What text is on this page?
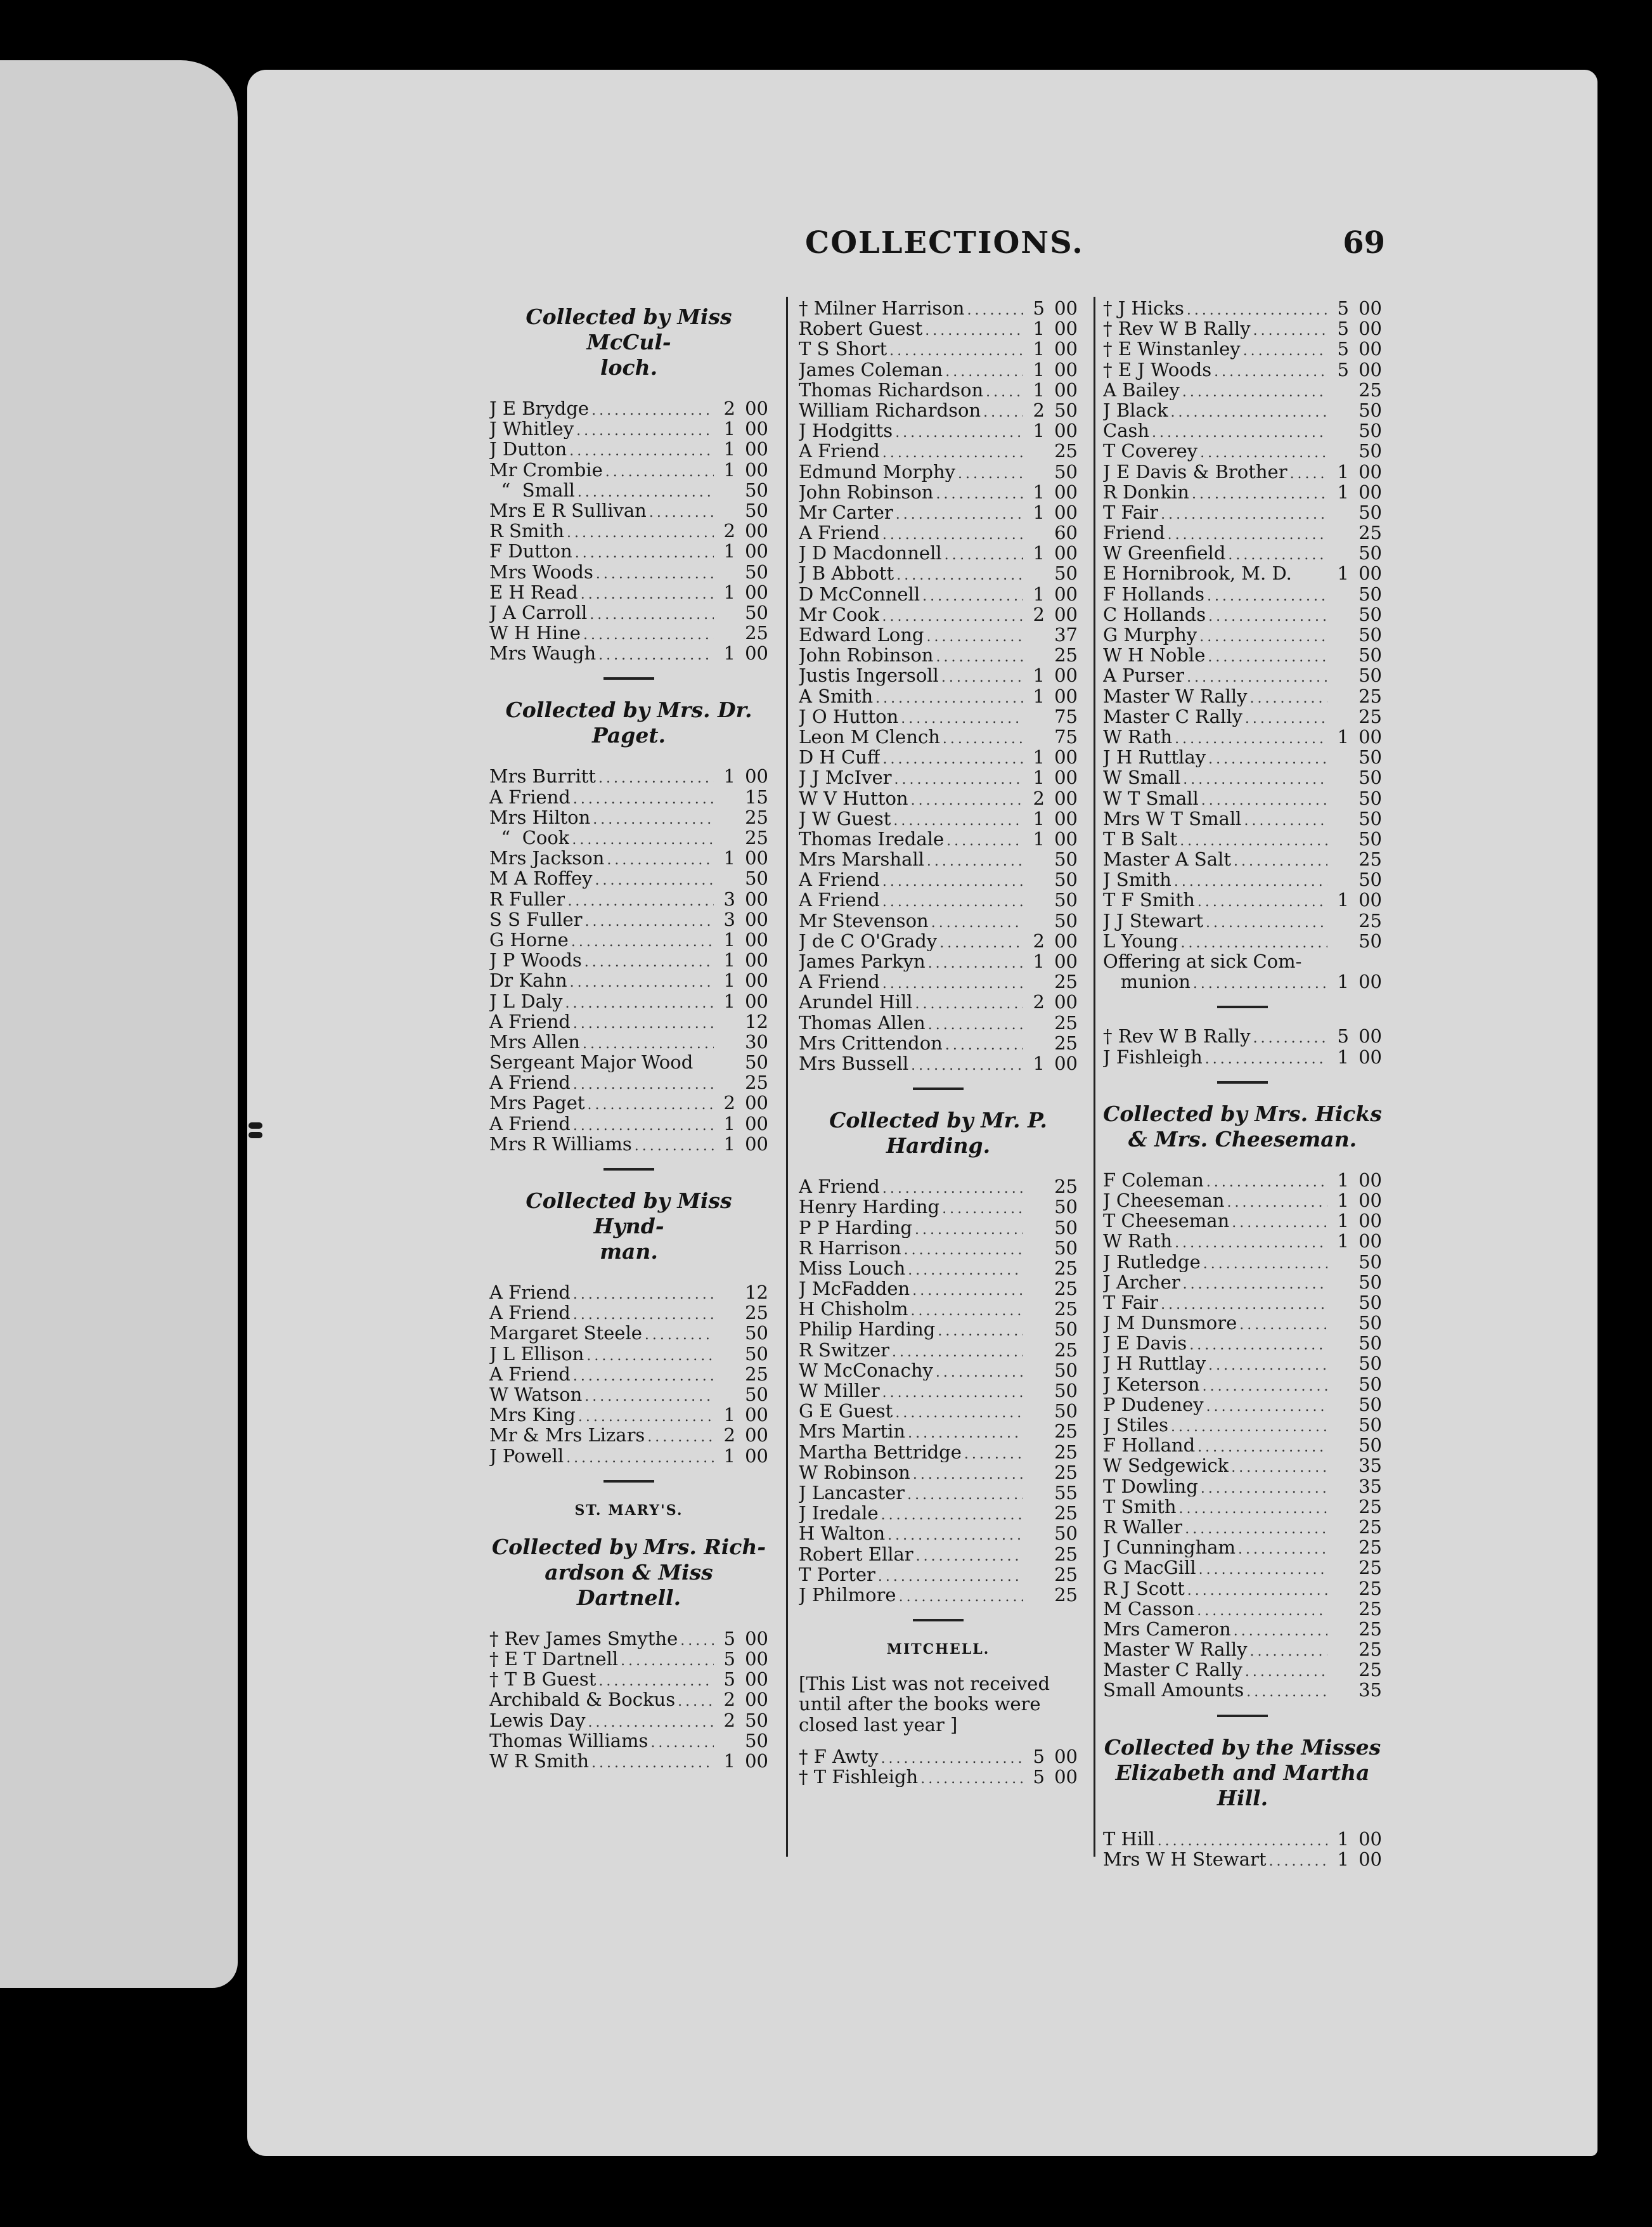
COLLECTIONS.	69
Collected by Miss McCul-
loch.
J E Brydge .....	2 00
J Whitley .....	1 00
J Dutton .....	1 00
Mr Crombie .....	1 00
“  Small .....	50
Mrs E R Sullivan .....	50
R Smith .....	2 00
F Dutton .....	1 00
Mrs Woods .....	50
E H Read .....	1 00
J A Carroll .....	50
W H Hine .....	25
Mrs Waugh .....	1 00
Collected by Mrs. Dr.
Paget.
Mrs Burritt .....	1 00
A Friend .....	15
Mrs Hilton .....	25
“  Cook .....	25
Mrs Jackson .....	1 00
M A Roffey .....	50
R Fuller .....	3 00
S S Fuller .....	3 00
G Horne .....	1 00
J P Woods .....	1 00
Dr Kahn .....	1 00
J L Daly .....	1 00
A Friend .....	12
Mrs Allen .....	30
Sergeant Major Wood	50
A Friend .....	25
Mrs Paget .....	2 00
A Friend .....	1 00
Mrs R Williams .....	1 00
Collected by Miss Hynd-
man.
A Friend .....	12
A Friend .....	25
Margaret Steele .....	50
J L Ellison .....	50
A Friend .....	25
W Watson .....	50
Mrs King .....	1 00
Mr & Mrs Lizars .....	2 00
J Powell .....	1 00
ST. MARY'S.
Collected by Mrs. Rich-
ardson & Miss Dartnell.
† Rev James Smythe .....	5 00
† E T Dartnell .....	5 00
† T B Guest .....	5 00
Archibald & Bockus .....	2 00
Lewis Day .....	2 50
Thomas Williams .....	50
W R Smith .....	1 00
† Milner Harrison .....	5 00
Robert Guest .....	1 00
T S Short .....	1 00
James Coleman .....	1 00
Thomas Richardson .....	1 00
William Richardson .....	2 50
J Hodgitts .....	1 00
A Friend .....	25
Edmund Morphy .....	50
John Robinson .....	1 00
Mr Carter .....	1 00
A Friend .....	60
J D Macdonnell .....	1 00
J B Abbott .....	50
D McConnell .....	1 00
Mr Cook .....	2 00
Edward Long .....	37
John Robinson .....	25
Justis Ingersoll .....	1 00
A Smith .....	1 00
J O Hutton .....	75
Leon M Clench .....	75
D H Cuff .....	1 00
J J McIver .....	1 00
W V Hutton .....	2 00
J W Guest .....	1 00
Thomas Iredale .....	1 00
Mrs Marshall .....	50
A Friend .....	50
A Friend .....	50
Mr Stevenson .....	50
J de C O'Grady .....	2 00
James Parkyn .....	1 00
A Friend .....	25
Arundel Hill .....	2 00
Thomas Allen .....	25
Mrs Crittendon .....	25
Mrs Bussell .....	1 00
Collected by Mr. P.
Harding.
A Friend .....	25
Henry Harding .....	50
P P Harding .....	50
R Harrison .....	50
Miss Louch .....	25
J McFadden .....	25
H Chisholm .....	25
Philip Harding .....	50
R Switzer .....	25
W McConachy .....	50
W Miller .....	50
G E Guest .....	50
Mrs Martin .....	25
Martha Bettridge .....	25
W Robinson .....	25
J Lancaster .....	55
J Iredale .....	25
H Walton .....	50
Robert Ellar .....	25
T Porter .....	25
J Philmore .....	25
MITCHELL.
[This List was not received
until after the books were
closed last year ]
† F Awty .....	5 00
† T Fishleigh .....	5 00
† J Hicks .....	5 00
† Rev W B Rally .....	5 00
† E Winstanley .....	5 00
† E J Woods .....	5 00
A Bailey .....	25
J Black .....	50
Cash .....	50
T Coverey .....	50
J E Davis & Brother .....	1 00
R Donkin .....	1 00
T Fair .....	50
Friend .....	25
W Greenfield .....	50
E Hornibrook, M. D.	1 00
F Hollands .....	50
C Hollands .....	50
G Murphy .....	50
W H Noble .....	50
A Purser .....	50
Master W Rally .....	25
Master C Rally .....	25
W Rath .....	1 00
J H Ruttlay .....	50
W Small .....	50
W T Small .....	50
Mrs W T Small .....	50
T B Salt .....	50
Master A Salt .....	25
J Smith .....	50
T F Smith .....	1 00
J J Stewart .....	25
L Young .....	50
Offering at sick Com-
munion .....	1 00
† Rev W B Rally .....	5 00
J Fishleigh .....	1 00
Collected by Mrs. Hicks
& Mrs. Cheeseman.
F Coleman .....	1 00
J Cheeseman .....	1 00
T Cheeseman .....	1 00
W Rath .....	1 00
J Rutledge .....	50
J Archer .....	50
T Fair .....	50
J M Dunsmore .....	50
J E Davis .....	50
J H Ruttlay .....	50
J Keterson .....	50
P Dudeney .....	50
J Stiles .....	50
F Holland .....	50
W Sedgewick .....	35
T Dowling .....	35
T Smith .....	25
R Waller .....	25
J Cunningham .....	25
G MacGill .....	25
R J Scott .....	25
M Casson .....	25
Mrs Cameron .....	25
Master W Rally .....	25
Master C Rally .....	25
Small Amounts .....	35
Collected by the Misses
Elizabeth and Martha
Hill.
T Hill .....	1 00
Mrs W H Stewart .....	1 00
